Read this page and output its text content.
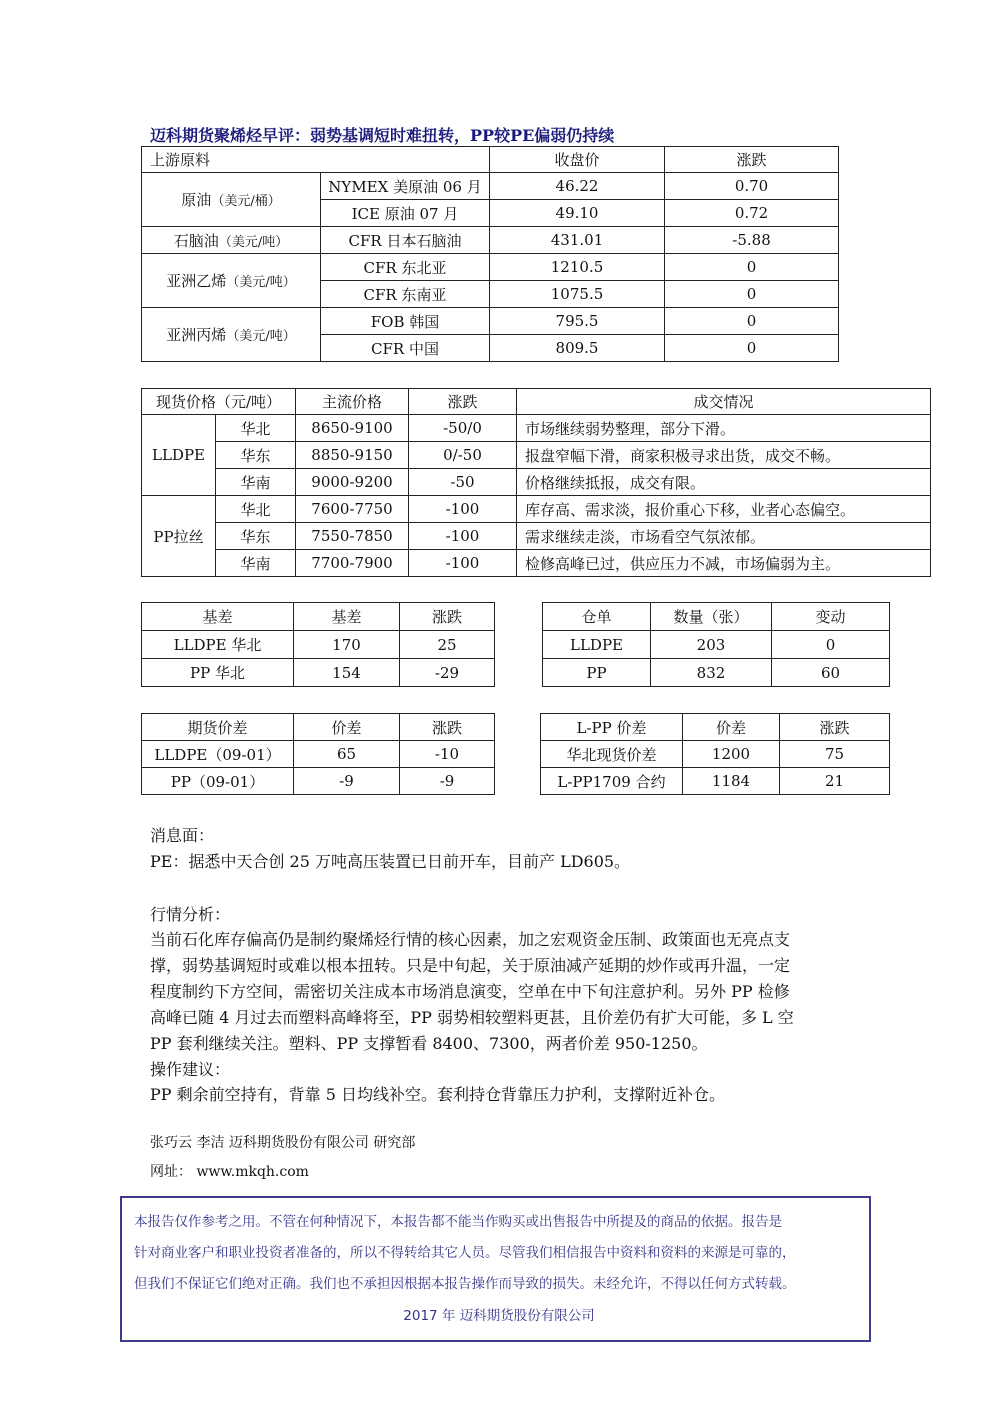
迈科期货聚烯烃早评：弱势基调短时难扭转，PP较PE偏弱仍持续
上游原料		收盘价	涨跌
原油（美元/桶）	NYMEX 美原油 06 月	46.22	0.70
	ICE 原油 07 月	49.10	0.72
石脑油（美元/吨）	CFR 日本石脑油	431.01	-5.88
亚洲乙烯（美元/吨）	CFR 东北亚	1210.5	0
	CFR 东南亚	1075.5	0
亚洲丙烯（美元/吨）	FOB 韩国	795.5	0
	CFR 中国	809.5	0
现货价格（元/吨）		主流价格	涨跌	成交情况
LLDPE	华北	8650-9100	-50/0	市场继续弱势整理，部分下滑。
	华东	8850-9150	0/-50	报盘窄幅下滑，商家积极寻求出货，成交不畅。
	华南	9000-9200	-50	价格继续抵报，成交有限。
PP拉丝	华北	7600-7750	-100	库存高、需求淡，报价重心下移，业者心态偏空。
	华东	7550-7850	-100	需求继续走淡，市场看空气氛浓郁。
	华南	7700-7900	-100	检修高峰已过，供应压力不减，市场偏弱为主。
基差	基差	涨跌
LLDPE 华北	170	25
PP 华北	154	-29
仓单	数量（张）	变动
LLDPE	203	0
PP	832	60
期货价差	价差	涨跌
LLDPE（09-01）	65	-10
PP（09-01）	-9	-9
L-PP 价差	价差	涨跌
华北现货价差	1200	75
L-PP1709 合约	1184	21
消息面：
PE：据悉中天合创 25 万吨高压装置已日前开车，目前产 LD605。
行情分析：
当前石化库存偏高仍是制约聚烯烃行情的核心因素，加之宏观资金压制、政策面也无亮点支
撑，弱势基调短时或难以根本扭转。只是中旬起，关于原油减产延期的炒作或再升温，一定
程度制约下方空间，需密切关注成本市场消息演变，空单在中下旬注意护利。另外 PP 检修
高峰已随 4 月过去而塑料高峰将至，PP 弱势相较塑料更甚，且价差仍有扩大可能，多 L 空
PP 套利继续关注。塑料、PP 支撑暂看 8400、7300，两者价差 950-1250。
操作建议：
PP 剩余前空持有，背靠 5 日均线补空。套利持仓背靠压力护利，支撑附近补仓。
张巧云 李洁 迈科期货股份有限公司 研究部
网址： www.mkqh.com

本报告仅作参考之用。不管在何种情况下，本报告都不能当作购买或出售报告中所提及的商品的依据。报告是

针对商业客户和职业投资者准备的，所以不得转给其它人员。尽管我们相信报告中资料和资料的来源是可靠的，

但我们不保证它们绝对正确。我们也不承担因根据本报告操作而导致的损失。未经允许，不得以任何方式转载。

2017 年 迈科期货股份有限公司
